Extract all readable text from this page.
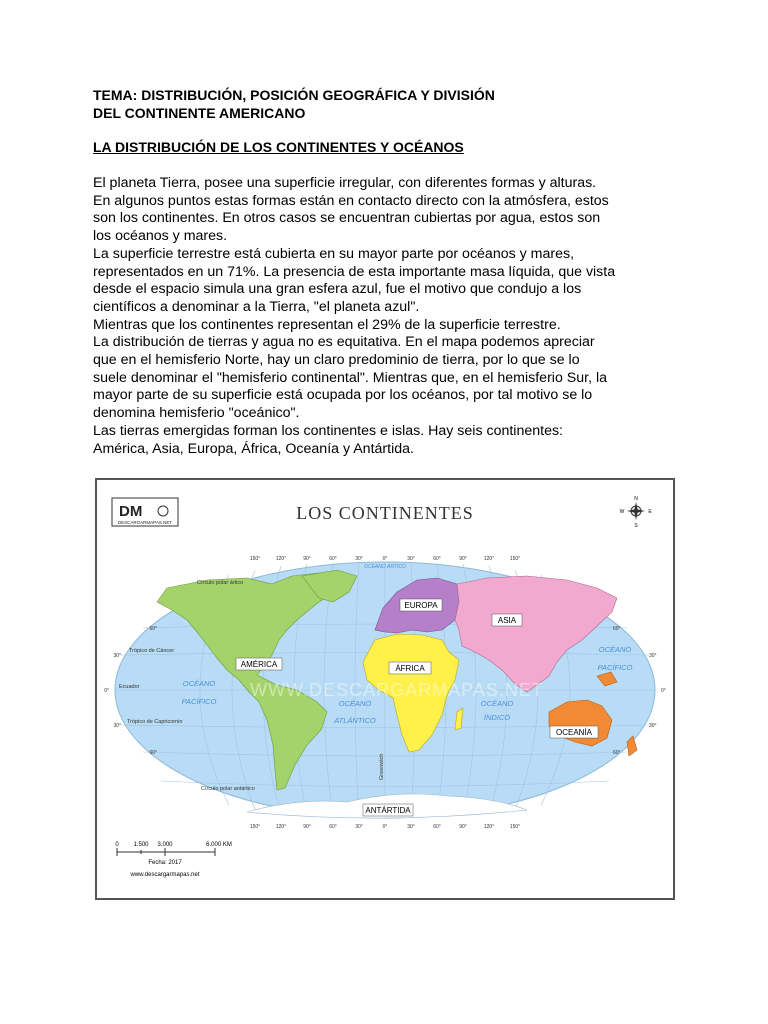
TEMA: DISTRIBUCIÓN, POSICIÓN GEOGRÁFICA Y DIVISIÓN
DEL CONTINENTE AMERICANO
LA DISTRIBUCIÓN DE LOS CONTINENTES Y OCÉANOS

El planeta Tierra, posee una superficie irregular, con diferentes formas y alturas.

En algunos puntos estas formas están en contacto directo con la atmósfera, estos

son los continentes. En otros casos se encuentran cubiertas por agua, estos son

los océanos y mares.

La superficie terrestre está cubierta en su mayor parte por océanos y mares,

representados en un 71%. La presencia de esta importante masa líquida, que vista

desde el espacio simula una gran esfera azul, fue el motivo que condujo a los

científicos a denominar a la Tierra, "el planeta azul".

Mientras que los continentes representan el 29% de la superficie terrestre.

La distribución de tierras y agua no es equitativa. En el mapa podemos apreciar

que en el hemisferio Norte, hay un claro predominio de tierra, por lo que se lo

suele denominar el "hemisferio continental". Mientras que, en el hemisferio Sur, la

mayor parte de su superficie está ocupada por los océanos, por tal motivo se lo

denomina hemisferio "oceánico".

Las tierras emergidas forman los continentes e islas. Hay seis continentes:

América, Asia, Europa, África, Oceanía y Antártida.

DM
DESCARGARMAPAS.NET	LOS CONTINENTES
N
S
E
W
150°	120°	90°	60°	30°	0°	30°	60°	90°	120°	150°
150°	120°	90°	60°	30°	0°	30°	60°	90°	120°	150°
AMÉRICA
EUROPA
ASIA
ÁFRICA
OCEANÍA
ANTÁRTIDA
OCÉANO ÁRTICO
OCÉANO
PACÍFICO
OCÉANO
PACÍFICO
OCÉANO
ATLÁNTICO
OCÉANO
ÍNDICO
Círculo polar ártico
Trópico de Cáncer
Ecuador
Trópico de Capricornio
Círculo polar antártico
Greenwich
60°
30°
0°
30°
60°
60°
30°
0°
30°
60°
WWW.DESCARGARMAPAS.NET
0 1.500 3.000	6.000 KM
Fecha: 2017
www.descargarmapas.net
